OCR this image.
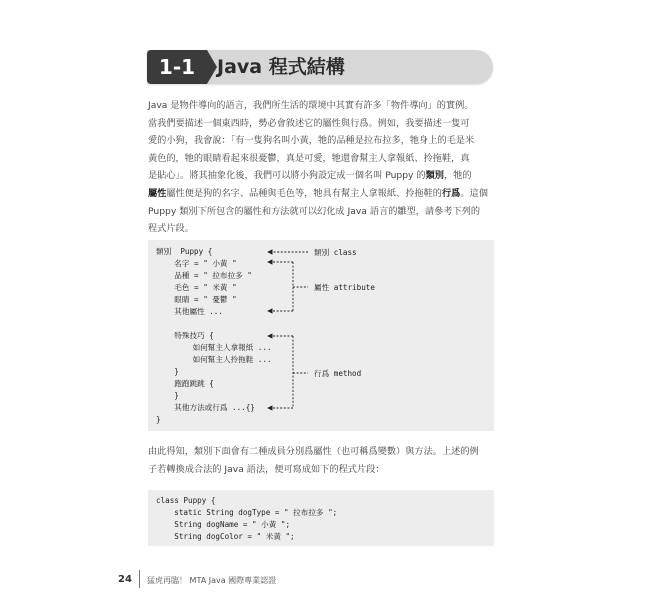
1-1	Java 程式結構
Java 是物件導向的語言，我們所生活的環境中其實有許多「物件導向」的實例。
當我們要描述一個東西時，勢必會敘述它的屬性與行爲。例如，我要描述一隻可
愛的小狗，我會說：「有一隻狗名叫小黃，牠的品種是拉布拉多，牠身上的毛是米
黃色的，牠的眼睛看起來很憂鬱，真是可愛，牠還會幫主人拿報紙、拎拖鞋，真
是貼心」。將其抽象化後，我們可以將小狗設定成一個名叫 Puppy 的類別，牠的
屬性屬性便是狗的名字、品種與毛色等，牠具有幫主人拿報紙、拎拖鞋的行爲。這個
Puppy 類別下所包含的屬性和方法就可以幻化成 Java 語言的雛型，請參考下列的
程式片段。
類別  Puppy {
名字 = " 小黃 "
品種 = " 拉布拉多 "
毛色 = " 米黃 "
眼睛 = " 憂鬱 "
其他屬性 ...
特殊技巧 {
如何幫主人拿報紙 ...
如何幫主人拎拖鞋 ...
}
跑跑跳跳 {
}
其他方法或行爲 ...{}
}
類別 class
屬性 attribute
行爲 method
由此得知，類別下面會有二種成員分別爲屬性（也可稱爲變數）與方法。上述的例
子若轉換成合法的 Java 語法，便可寫成如下的程式片段：
class Puppy {
static String dogType = " 拉布拉多 ";
String dogName = " 小黃 ";
String dogColor = " 米黃 ";
24 猛虎再臨！ MTA Java 國際專業認證
